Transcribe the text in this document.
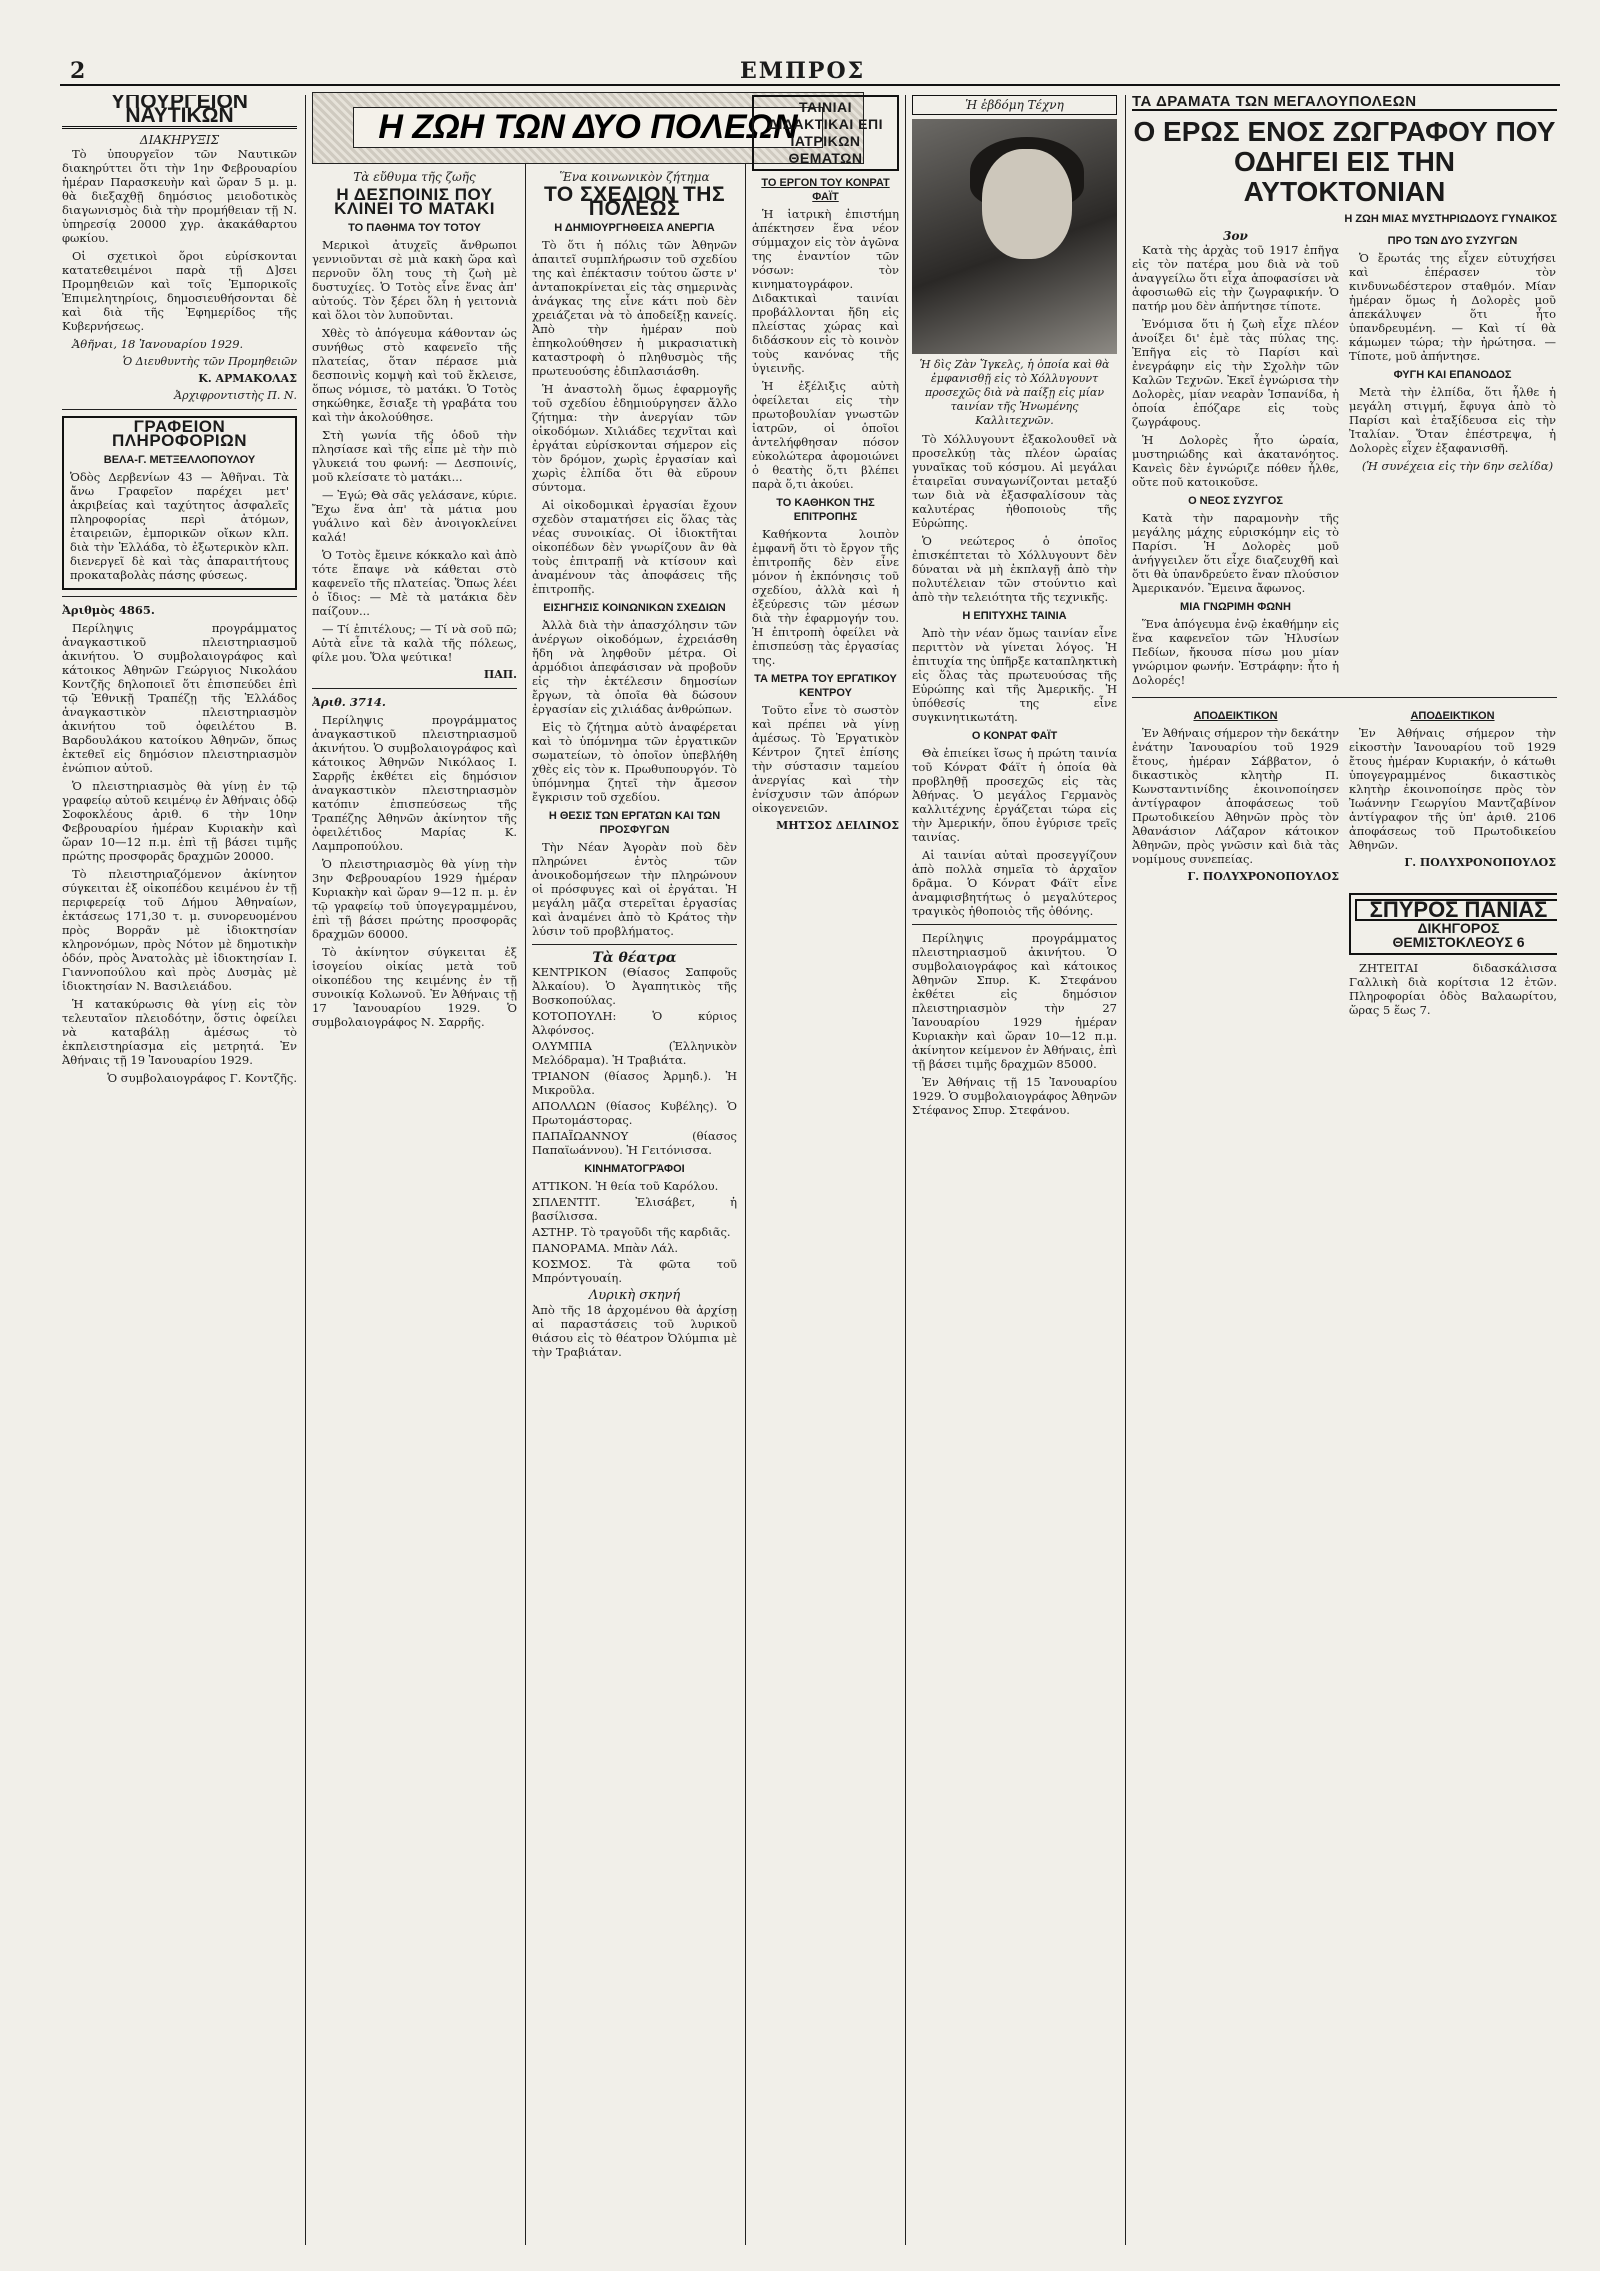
2	ΕΜΠΡΟΣ
ΥΠΟΥΡΓΕΙΟΝ ΝΑΥΤΙΚΩΝ
ΔΙΑΚΗΡΥΞΙΣ

Τὸ ὑπουργεῖον τῶν Ναυτικῶν διακηρύττει ὅτι τὴν 1ην Φεβρουαρίου ἡμέραν Παρασκευὴν καὶ ὥραν 5 μ. μ. θὰ διεξαχθῇ δημόσιος μειοδοτικὸς διαγωνισμὸς διὰ τὴν προμήθειαν τῇ Ν. ὑπηρεσίᾳ 20000 χγρ. ἀκακάθαρτου φωκίου.

Οἱ σχετικοὶ ὅροι εὑρίσκονται κατατεθειμένοι παρὰ τῇ Δ]σει Προμηθειῶν καὶ τοῖς Ἐμπορικοῖς Ἐπιμελητηρίοις, δημοσιευθήσονται δὲ καὶ διὰ τῆς Ἐφημερίδος τῆς Κυβερνήσεως.

Ἀθῆναι, 18 Ἰανουαρίου 1929.

Ὁ Διευθυντὴς τῶν Προμηθειῶν
Κ. ΑΡΜΑΚΟΛΑΣ
Ἀρχιφροντιστὴς Π. Ν.
ΓΡΑΦΕΙΟΝ ΠΛΗΡΟΦΟΡΙΩΝ
ΒΕΛΑ-Γ. ΜΕΤΞΕΛΛΟΠΟΥΛΟΥ

Ὁδὸς Δερβενίων 43 — Ἀθῆναι. Τὰ ἄνω Γραφεῖον παρέχει μετ' ἀκριβείας καὶ ταχύτητος ἀσφαλεῖς πληροφορίας περὶ ἀτόμων, ἐταιρειῶν, ἐμπορικῶν οἴκων κλπ. διὰ τὴν Ἑλλάδα, τὸ ἐξωτερικὸν κλπ. διενεργεῖ δὲ καὶ τὰς ἀπαραιτήτους προκαταβολὰς πάσης φύσεως.

Ἀριθμὸς 4865.

Περίληψις προγράμματος ἀναγκαστικοῦ πλειστηριασμοῦ ἀκινήτου. Ὁ συμβολαιογράφος καὶ κάτοικος Ἀθηνῶν Γεώργιος Νικολάου Κοντζῆς δηλοποιεῖ ὅτι ἐπισπεύδει ἐπὶ τῷ Ἐθνικῇ Τραπέζῃ τῆς Ἑλλάδος ἀναγκαστικὸν πλειστηριασμὸν ἀκινήτου τοῦ ὀφειλέτου Β. Βαρδουλάκου κατοίκου Ἀθηνῶν, ὅπως ἐκτεθεῖ εἰς δημόσιον πλειστηριασμὸν ἐνώπιον αὐτοῦ.

Ὁ πλειστηριασμὸς θὰ γίνῃ ἐν τῷ γραφείῳ αὐτοῦ κειμένῳ ἐν Ἀθήναις ὁδῷ Σοφοκλέους ἀριθ. 6 τὴν 10ην Φεβρουαρίου ἡμέραν Κυριακὴν καὶ ὥραν 10—12 π.μ. ἐπὶ τῇ βάσει τιμῆς πρώτης προσφορᾶς δραχμῶν 20000.

Τὸ πλειστηριαζόμενον ἀκίνητον σύγκειται ἐξ οἰκοπέδου κειμένου ἐν τῇ περιφερείᾳ τοῦ Δήμου Ἀθηναίων, ἐκτάσεως 171,30 τ. μ. συνορευομένου πρὸς Βορρᾶν μὲ ἰδιοκτησίαν κληρονόμων, πρὸς Νότον μὲ δημοτικὴν ὁδόν, πρὸς Ἀνατολὰς μὲ ἰδιοκτησίαν Ι. Γιαννοπούλου καὶ πρὸς Δυσμὰς μὲ ἰδιοκτησίαν Ν. Βασιλειάδου.

Ἡ κατακύρωσις θὰ γίνῃ εἰς τὸν τελευταῖον πλειοδότην, ὅστις ὀφείλει νὰ καταβάλῃ ἀμέσως τὸ ἐκπλειστηρίασμα εἰς μετρητά. Ἐν Ἀθήναις τῇ 19 Ἰανουαρίου 1929.

Ὁ συμβολαιογράφος Γ. Κοντζῆς.

Η ΖΩΗ ΤΩΝ ΔΥΟ ΠΟΛΕΩΝ
Τὰ εὔθυμα τῆς ζωῆς
Η ΔΕΣΠΟΙΝΙΣ ΠΟΥ ΚΛΙΝΕΙ ΤΟ ΜΑΤΑΚΙ
ΤΟ ΠΑΘΗΜΑ ΤΟΥ ΤΟΤΟΥ

Μερικοὶ ἀτυχεῖς ἄνθρωποι γεννιοῦνται σὲ μιὰ κακὴ ὥρα καὶ περνοῦν ὅλη τους τὴ ζωὴ μὲ δυστυχίες. Ὁ Τοτὸς εἶνε ἕνας ἀπ' αὐτούς. Τὸν ξέρει ὅλη ἡ γειτονιὰ καὶ ὅλοι τὸν λυποῦνται.

Χθὲς τὸ ἀπόγευμα κάθονταν ὡς συνήθως στὸ καφενεῖο τῆς πλατείας, ὅταν πέρασε μιὰ δεσποινὶς κομψὴ καὶ τοῦ ἔκλεισε, ὅπως νόμισε, τὸ ματάκι. Ὁ Τοτὸς σηκώθηκε, ἔσιαξε τὴ γραβάτα του καὶ τὴν ἀκολούθησε.

Στὴ γωνία τῆς ὁδοῦ τὴν πλησίασε καὶ τῆς εἶπε μὲ τὴν πιὸ γλυκειά του φωνή: — Δεσποινίς, μοῦ κλείσατε τὸ ματάκι...

— Ἐγώ; Θὰ σᾶς γελάσανε, κύριε. Ἔχω ἕνα ἀπ' τὰ μάτια μου γυάλινο καὶ δὲν ἀνοιγοκλείνει καλά!

Ὁ Τοτὸς ἔμεινε κόκκαλο καὶ ἀπὸ τότε ἔπαψε νὰ κάθεται στὸ καφενεῖο τῆς πλατείας. Ὅπως λέει ὁ ἴδιος: — Μὲ τὰ ματάκια δὲν παίζουν...

— Τί ἐπιτέλους; — Τί νὰ σοῦ πῶ; Αὐτὰ εἶνε τὰ καλὰ τῆς πόλεως, φίλε μου. Ὅλα ψεύτικα!

ΠΑΠ.

Ἀριθ. 3714.

Περίληψις προγράμματος ἀναγκαστικοῦ πλειστηριασμοῦ ἀκινήτου. Ὁ συμβολαιογράφος καὶ κάτοικος Ἀθηνῶν Νικόλαος Ι. Σαρρῆς ἐκθέτει εἰς δημόσιον ἀναγκαστικὸν πλειστηριασμὸν κατόπιν ἐπισπεύσεως τῆς Τραπέζης Ἀθηνῶν ἀκίνητον τῆς ὀφειλέτιδος Μαρίας Κ. Λαμπροπούλου.

Ὁ πλειστηριασμὸς θὰ γίνῃ τὴν 3ην Φεβρουαρίου 1929 ἡμέραν Κυριακὴν καὶ ὥραν 9—12 π. μ. ἐν τῷ γραφείῳ τοῦ ὑπογεγραμμένου, ἐπὶ τῇ βάσει πρώτης προσφορᾶς δραχμῶν 60000.

Τὸ ἀκίνητον σύγκειται ἐξ ἰσογείου οἰκίας μετὰ τοῦ οἰκοπέδου της κειμένης ἐν τῇ συνοικίᾳ Κολωνοῦ. Ἐν Ἀθήναις τῇ 17 Ἰανουαρίου 1929. Ὁ συμβολαιογράφος Ν. Σαρρῆς.

Ἕνα κοινωνικὸν ζήτημα
ΤΟ ΣΧΕΔΙΟΝ ΤΗΣ ΠΟΛΕΩΣ
Η ΔΗΜΙΟΥΡΓΗΘΕΙΣΑ ΑΝΕΡΓΙΑ

Τὸ ὅτι ἡ πόλις τῶν Ἀθηνῶν ἀπαιτεῖ συμπλήρωσιν τοῦ σχεδίου της καὶ ἐπέκτασιν τούτου ὥστε ν' ἀνταποκρίνεται εἰς τὰς σημερινὰς ἀνάγκας της εἶνε κάτι ποὺ δὲν χρειάζεται νὰ τὸ ἀποδείξῃ κανείς. Ἀπὸ τὴν ἡμέραν ποὺ ἐπηκολούθησεν ἡ μικρασιατικὴ καταστροφὴ ὁ πληθυσμὸς τῆς πρωτευούσης ἐδιπλασιάσθη.

Ἡ ἀναστολὴ ὅμως ἐφαρμογῆς τοῦ σχεδίου ἐδημιούργησεν ἄλλο ζήτημα: τὴν ἀνεργίαν τῶν οἰκοδόμων. Χιλιάδες τεχνῖται καὶ ἐργάται εὑρίσκονται σήμερον εἰς τὸν δρόμον, χωρὶς ἐργασίαν καὶ χωρὶς ἐλπίδα ὅτι θὰ εὕρουν σύντομα.

Αἱ οἰκοδομικαὶ ἐργασίαι ἔχουν σχεδὸν σταματήσει εἰς ὅλας τὰς νέας συνοικίας. Οἱ ἰδιοκτῆται οἰκοπέδων δὲν γνωρίζουν ἂν θὰ τοὺς ἐπιτραπῇ νὰ κτίσουν καὶ ἀναμένουν τὰς ἀποφάσεις τῆς ἐπιτροπῆς.

ΕΙΣΗΓΗΣΙΣ ΚΟΙΝΩΝΙΚΩΝ ΣΧΕΔΙΩΝ

Ἀλλὰ διὰ τὴν ἀπασχόλησιν τῶν ἀνέργων οἰκοδόμων, ἐχρειάσθη ἤδη νὰ ληφθοῦν μέτρα. Οἱ ἁρμόδιοι ἀπεφάσισαν νὰ προβοῦν εἰς τὴν ἐκτέλεσιν δημοσίων ἔργων, τὰ ὁποῖα θὰ δώσουν ἐργασίαν εἰς χιλιάδας ἀνθρώπων.

Εἰς τὸ ζήτημα αὐτὸ ἀναφέρεται καὶ τὸ ὑπόμνημα τῶν ἐργατικῶν σωματείων, τὸ ὁποῖον ὑπεβλήθη χθὲς εἰς τὸν κ. Πρωθυπουργόν. Τὸ ὑπόμνημα ζητεῖ τὴν ἄμεσον ἔγκρισιν τοῦ σχεδίου.

Η ΘΕΣΙΣ ΤΩΝ ΕΡΓΑΤΩΝ ΚΑΙ ΤΩΝ ΠΡΟΣΦΥΓΩΝ

Τὴν Νέαν Ἀγορὰν ποὺ δὲν πληρώνει ἐντὸς τῶν ἀνοικοδομήσεων τὴν πληρώνουν οἱ πρόσφυγες καὶ οἱ ἐργάται. Ἡ μεγάλη μᾶζα στερεῖται ἐργασίας καὶ ἀναμένει ἀπὸ τὸ Κράτος τὴν λύσιν τοῦ προβλήματος.

Τὰ θέατρα

ΚΕΝΤΡΙΚΟΝ (Θίασος Σαπφοῦς Ἀλκαίου). Ὁ Ἀγαπητικὸς τῆς Βοσκοπούλας.

ΚΟΤΟΠΟΥΛΗ: Ὁ κύριος Ἀλφόνσος.

ΟΛΥΜΠΙΑ (Ἑλληνικὸν Μελόδραμα). Ἡ Τραβιάτα.

ΤΡΙΑΝΟΝ (θίασος Ἀρμηδ.). Ἡ Μικροῦλα.

ΑΠΟΛΛΩΝ (θίασος Κυβέλης). Ὁ Πρωτομάστορας.

ΠΑΠΑΪΩΑΝΝΟΥ (θίασος Παπαϊωάννου). Ἡ Γειτόνισσα.

ΚΙΝΗΜΑΤΟΓΡΆΦΟΙ

ΑΤΤΙΚΟΝ. Ἡ θεία τοῦ Καρόλου.

ΣΠΛΕΝΤΙΤ. Ἐλισάβετ, ἡ βασίλισσα.

ΑΣΤΗΡ. Τὸ τραγοῦδι τῆς καρδιᾶς.

ΠΑΝΟΡΑΜΑ. Μπὰν Λάλ.

ΚΟΣΜΟΣ. Τὰ φῶτα τοῦ Μπρόντγουαίη.

Λυρικὴ σκηνή

Ἀπὸ τῆς 18 ἀρχομένου θὰ ἀρχίσῃ αἱ παραστάσεις τοῦ λυρικοῦ θιάσου εἰς τὸ θέατρον Ὀλύμπια μὲ τὴν Τραβιάταν.

ΤΑΙΝΙΑΙ ΔΙΔΑΚΤΙΚΑΙ ΕΠΙ ΙΑΤΡΙΚΩΝ ΘΕΜΑΤΩΝ
ΤΟ ΕΡΓΟΝ ΤΟΥ ΚΟΝΡΑΤ ΦΑΪΤ

Ἡ ἰατρικὴ ἐπιστήμη ἀπέκτησεν ἕνα νέον σύμμαχον εἰς τὸν ἀγῶνα της ἐναντίον τῶν νόσων: τὸν κινηματογράφον. Διδακτικαὶ ταινίαι προβάλλονται ἤδη εἰς πλείστας χώρας καὶ διδάσκουν εἰς τὸ κοινὸν τοὺς κανόνας τῆς ὑγιεινῆς.

Ἡ ἐξέλιξις αὐτὴ ὀφείλεται εἰς τὴν πρωτοβουλίαν γνωστῶν ἰατρῶν, οἱ ὁποῖοι ἀντελήφθησαν πόσον εὐκολώτερα ἀφομοιώνει ὁ θεατὴς ὅ,τι βλέπει παρὰ ὅ,τι ἀκούει.

ΤΟ ΚΑΘΗΚΟΝ ΤΗΣ ΕΠΙΤΡΟΠΗΣ

Καθήκοντα λοιπὸν ἐμφανῆ ὅτι τὸ ἔργον τῆς ἐπιτροπῆς δὲν εἶνε μόνον ἡ ἐκπόνησις τοῦ σχεδίου, ἀλλὰ καὶ ἡ ἐξεύρεσις τῶν μέσων διὰ τὴν ἐφαρμογήν του. Ἡ ἐπιτροπὴ ὀφείλει νὰ ἐπισπεύσῃ τὰς ἐργασίας της.

ΤΑ ΜΕΤΡΑ ΤΟΥ ΕΡΓΑΤΙΚΟΥ ΚΕΝΤΡΟΥ

Τοῦτο εἶνε τὸ σωστὸν καὶ πρέπει νὰ γίνῃ ἀμέσως. Τὸ Ἐργατικὸν Κέντρον ζητεῖ ἐπίσης τὴν σύστασιν ταμείου ἀνεργίας καὶ τὴν ἐνίσχυσιν τῶν ἀπόρων οἰκογενειῶν.

ΜΗΤΣΟΣ ΔΕΙΛΙΝΟΣ
Ἡ ἑβδόμη Τέχνη
Ἡ δὶς Ζὰν Ἴγκελς, ἡ ὁποία καὶ θὰ ἐμφανισθῇ εἰς τὸ Χόλλυγουντ προσεχῶς διὰ νὰ παίξῃ εἰς μίαν ταινίαν τῆς Ἡνωμένης Καλλιτεχνῶν.

Τὸ Χόλλυγουντ ἐξακολουθεῖ νὰ προσελκύῃ τὰς πλέον ὡραίας γυναῖκας τοῦ κόσμου. Αἱ μεγάλαι ἑταιρεῖαι συναγωνίζονται μεταξύ των διὰ νὰ ἐξασφαλίσουν τὰς καλυτέρας ἠθοποιοὺς τῆς Εὐρώπης.

Ὁ νεώτερος ὁ ὁποῖος ἐπισκέπτεται τὸ Χόλλυγουντ δὲν δύναται νὰ μὴ ἐκπλαγῇ ἀπὸ τὴν πολυτέλειαν τῶν στούντιο καὶ ἀπὸ τὴν τελειότητα τῆς τεχνικῆς.

Η ΕΠΙΤΥΧΗΣ ΤΑΙΝΙΑ

Ἀπὸ τὴν νέαν ὅμως ταινίαν εἶνε περιττὸν νὰ γίνεται λόγος. Ἡ ἐπιτυχία της ὑπῆρξε καταπληκτικὴ εἰς ὅλας τὰς πρωτευούσας τῆς Εὐρώπης καὶ τῆς Ἀμερικῆς. Ἡ ὑπόθεσίς της εἶνε συγκινητικωτάτη.

Ο ΚΟΝΡΑΤ ΦΑΪΤ

Θὰ ἐπιείκει ἴσως ἡ πρώτη ταινία τοῦ Κόνρατ Φάϊτ ἡ ὁποία θὰ προβληθῇ προσεχῶς εἰς τὰς Ἀθήνας. Ὁ μεγάλος Γερμανὸς καλλιτέχνης ἐργάζεται τώρα εἰς τὴν Ἀμερικήν, ὅπου ἐγύρισε τρεῖς ταινίας.

Αἱ ταινίαι αὐταὶ προσεγγίζουν ἀπὸ πολλὰ σημεῖα τὸ ἀρχαῖον δρᾶμα. Ὁ Κόνρατ Φάϊτ εἶνε ἀναμφισβητήτως ὁ μεγαλύτερος τραγικὸς ἠθοποιὸς τῆς ὀθόνης.

Περίληψις προγράμματος πλειστηριασμοῦ ἀκινήτου. Ὁ συμβολαιογράφος καὶ κάτοικος Ἀθηνῶν Σπυρ. Κ. Στεφάνου ἐκθέτει εἰς δημόσιον πλειστηριασμὸν τὴν 27 Ἰανουαρίου 1929 ἡμέραν Κυριακὴν καὶ ὥραν 10—12 π.μ. ἀκίνητον κείμενον ἐν Ἀθήναις, ἐπὶ τῇ βάσει τιμῆς δραχμῶν 85000.

Ἐν Ἀθήναις τῇ 15 Ἰανουαρίου 1929. Ὁ συμβολαιογράφος Ἀθηνῶν Στέφανος Σπυρ. Στεφάνου.

ΤΑ ΔΡΑΜΑΤΑ ΤΩΝ ΜΕΓΑΛΟΥΠΟΛΕΩΝ
Ο ΕΡΩΣ ΕΝΟΣ ΖΩΓΡΑΦΟΥ ΠΟΥ ΟΔΗΓΕΙ ΕΙΣ ΤΗΝ ΑΥΤΟΚΤΟΝΙΑΝ
Η ΖΩΗ ΜΙΑΣ ΜΥΣΤΗΡΙΩΔΟΥΣ ΓΥΝΑΙΚΟΣ
3ον

Κατὰ τὴς ἀρχὰς τοῦ 1917 ἐπῆγα εἰς τὸν πατέρα μου διὰ νὰ τοῦ ἀναγγείλω ὅτι εἶχα ἀποφασίσει νὰ ἀφοσιωθῶ εἰς τὴν ζωγραφικήν. Ὁ πατήρ μου δὲν ἀπήντησε τίποτε.

Ἐνόμισα ὅτι ἡ ζωὴ εἶχε πλέον ἀνοίξει δι' ἐμὲ τὰς πύλας της. Ἐπῆγα εἰς τὸ Παρίσι καὶ ἐνεγράφην εἰς τὴν Σχολὴν τῶν Καλῶν Τεχνῶν. Ἐκεῖ ἐγνώρισα τὴν Δολορὲς, μίαν νεαρὰν Ἱσπανίδα, ἡ ὁποία ἐπόζαρε εἰς τοὺς ζωγράφους.

Ἡ Δολορὲς ἦτο ὡραία, μυστηριώδης καὶ ἀκατανόητος. Κανεὶς δὲν ἐγνώριζε πόθεν ἦλθε, οὔτε ποῦ κατοικοῦσε.

Ο ΝΕΟΣ ΣΥΖΥΓΟΣ

Κατὰ τὴν παραμονὴν τῆς μεγάλης μάχης εὑρισκόμην εἰς τὸ Παρίσι. Ἡ Δολορὲς μοῦ ἀνήγγειλεν ὅτι εἶχε διαζευχθῆ καὶ ὅτι θὰ ὑπανδρεύετο ἕναν πλούσιον Ἀμερικανόν. Ἔμεινα ἄφωνος.

ΜΙΑ ΓΝΩΡΙΜΗ ΦΩΝΗ

Ἕνα ἀπόγευμα ἐνῷ ἐκαθήμην εἰς ἕνα καφενεῖον τῶν Ἠλυσίων Πεδίων, ἤκουσα πίσω μου μίαν γνώριμον φωνήν. Ἐστράφην: ἦτο ἡ Δολορές!

ΠΡΟ ΤΩΝ ΔΥΟ ΣΥΖΥΓΩΝ

Ὁ ἔρωτάς της εἶχεν εὐτυχήσει καὶ ἐπέρασεν τὸν κινδυνωδέστερον σταθμόν. Μίαν ἡμέραν ὅμως ἡ Δολορὲς μοῦ ἀπεκάλυψεν ὅτι ἦτο ὑπανδρευμένη. — Καὶ τί θὰ κάμωμεν τώρα; τὴν ἠρώτησα. — Τίποτε, μοῦ ἀπήντησε.

ΦΥΓΗ ΚΑΙ ΕΠΑΝΟΔΟΣ

Μετὰ τὴν ἐλπίδα, ὅτι ἦλθε ἡ μεγάλη στιγμή, ἔφυγα ἀπὸ τὸ Παρίσι καὶ ἐταξίδευσα εἰς τὴν Ἰταλίαν. Ὅταν ἐπέστρεψα, ἡ Δολορὲς εἶχεν ἐξαφανισθῆ.

(Ἡ συνέχεια εἰς τὴν 6ην σελίδα)

ΑΠΟΔΕΙΚΤΙΚΟΝ

Ἐν Ἀθήναις σήμερον τὴν δεκάτην ἐνάτην Ἰανουαρίου τοῦ 1929 ἔτους, ἡμέραν Σάββατον, ὁ δικαστικὸς κλητὴρ Π. Κωνσταντινίδης ἐκοινοποίησεν ἀντίγραφον ἀποφάσεως τοῦ Πρωτοδικείου Ἀθηνῶν πρὸς τὸν Ἀθανάσιον Λάζαρον κάτοικον Ἀθηνῶν, πρὸς γνῶσιν καὶ διὰ τὰς νομίμους συνεπείας.

Γ. ΠΟΛΥΧΡΟΝΟΠΟΥΛΟΣ
ΑΠΟΔΕΙΚΤΙΚΟΝ

Ἐν Ἀθήναις σήμερον τὴν εἰκοστὴν Ἰανουαρίου τοῦ 1929 ἔτους ἡμέραν Κυριακήν, ὁ κάτωθι ὑπογεγραμμένος δικαστικὸς κλητὴρ ἐκοινοποίησε πρὸς τὸν Ἰωάννην Γεωργίου Μαντζαβίνον ἀντίγραφον τῆς ὑπ' ἀριθ. 2106 ἀποφάσεως τοῦ Πρωτοδικείου Ἀθηνῶν.

Γ. ΠΟΛΥΧΡΟΝΟΠΟΥΛΟΣ
ΣΠΥΡΟΣ ΠΑΝΙΑΣ
ΔΙΚΗΓΟΡΟΣ
ΘΕΜΙΣΤΟΚΛΕΟΥΣ 6

ΖΗΤΕΙΤΑΙ διδασκάλισσα Γαλλικὴ διὰ κορίτσια 12 ἐτῶν. Πληροφορίαι ὁδὸς Βαλαωρίτου, ὥρας 5 ἕως 7.
